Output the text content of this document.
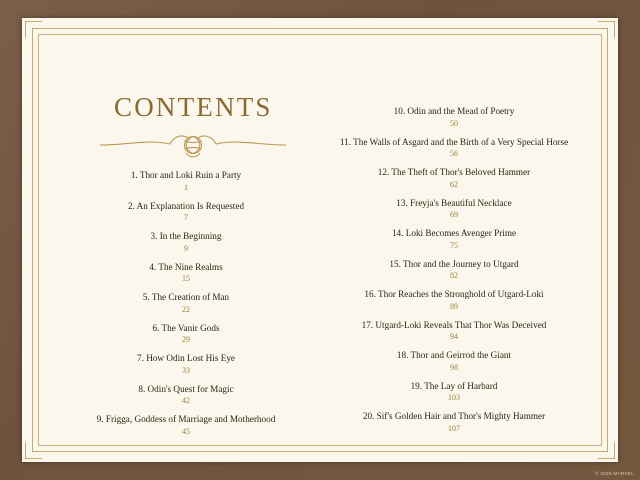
CONTENTS
1. Thor and Loki Ruin a Party
1
2. An Explanation Is Requested
7
3. In the Beginning
9
4. The Nine Realms
15
5. The Creation of Man
22
6. The Vanir Gods
29
7. How Odin Lost His Eye
33
8. Odin's Quest for Magic
42
9. Frigga, Goddess of Marriage and Motherhood
45
10. Odin and the Mead of Poetry
50
11. The Walls of Asgard and the Birth of a Very Special Horse
56
12. The Theft of Thor's Beloved Hammer
62
13. Freyja's Beautiful Necklace
69
14. Loki Becomes Avenger Prime
75
15. Thor and the Journey to Utgard
82
16. Thor Reaches the Stronghold of Utgard-Loki
89
17. Utgard-Loki Reveals That Thor Was Deceived
94
18. Thor and Geirrod the Giant
98
19. The Lay of Harbard
103
20. Sif's Golden Hair and Thor's Mighty Hammer
107
© 2025 MARVEL
